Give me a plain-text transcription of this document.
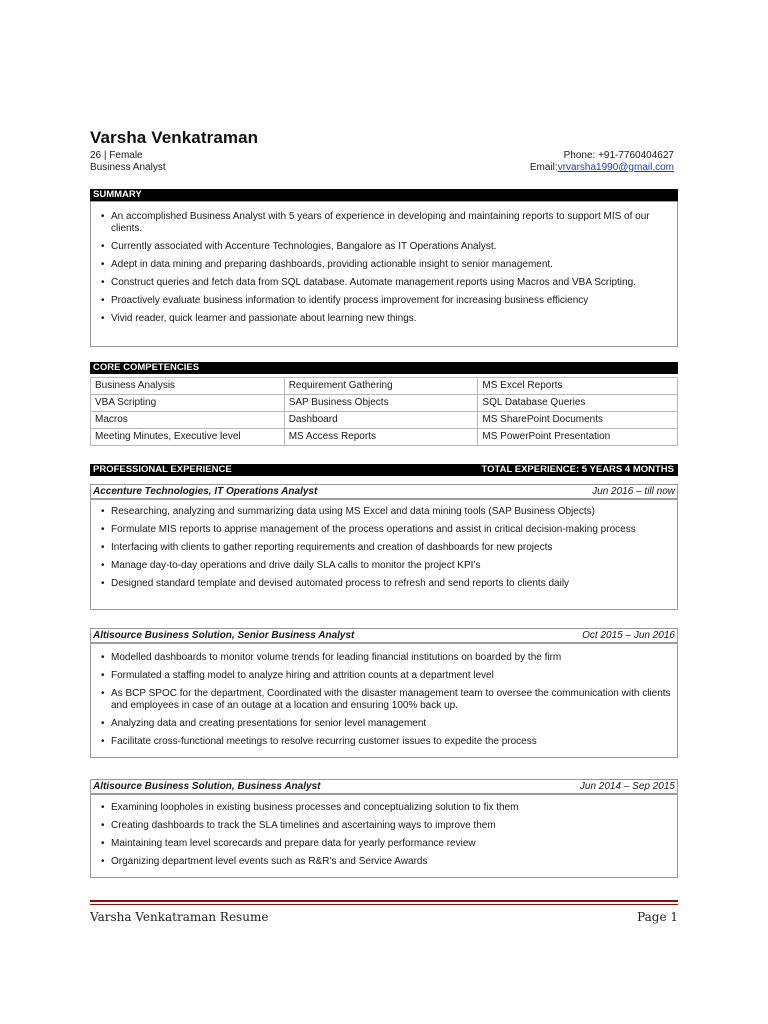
Varsha Venkatraman
26 | Female
Business Analyst
Phone: +91-7760404627
Email:vrvarsha1990@gmail.com
SUMMARY
• An accomplished Business Analyst with 5 years of experience in developing and maintaining reports to support MIS of our clients.
• Currently associated with Accenture Technologies, Bangalore as IT Operations Analyst.
• Adept in data mining and preparing dashboards, providing actionable insight to senior management.
• Construct queries and fetch data from SQL database. Automate management reports using Macros and VBA Scripting.
• Proactively evaluate business information to identify process improvement for increasing business efficiency
• Vivid reader, quick learner and passionate about learning new things.
CORE COMPETENCIES
Business Analysis	Requirement Gathering	MS Excel Reports
VBA Scripting	SAP Business Objects	SQL Database Queries
Macros	Dashboard	MS SharePoint Documents
Meeting Minutes, Executive level	MS Access Reports	MS PowerPoint Presentation
PROFESSIONAL EXPERIENCE	TOTAL EXPERIENCE: 5 YEARS 4 MONTHS
Accenture Technologies, IT Operations Analyst	Jun 2016 – till now
• Researching, analyzing and summarizing data using MS Excel and data mining tools (SAP Business Objects)
• Formulate MIS reports to apprise management of the process operations and assist in critical decision-making process
• Interfacing with clients to gather reporting requirements and creation of dashboards for new projects
• Manage day-to-day operations and drive daily SLA calls to monitor the project KPI’s
• Designed standard template and devised automated process to refresh and send reports to clients daily
Altisource Business Solution, Senior Business Analyst	Oct 2015 – Jun 2016
• Modelled dashboards to monitor volume trends for leading financial institutions on boarded by the firm
• Formulated a staffing model to analyze hiring and attrition counts at a department level
• As BCP SPOC for the department, Coordinated with the disaster management team to oversee the communication with clients and employees in case of an outage at a location and ensuring 100% back up.
• Analyzing data and creating presentations for senior level management
• Facilitate cross-functional meetings to resolve recurring customer issues to expedite the process
Altisource Business Solution, Business Analyst	Jun 2014 – Sep 2015
• Examining loopholes in existing business processes and conceptualizing solution to fix them
• Creating dashboards to track the SLA timelines and ascertaining ways to improve them
• Maintaining team level scorecards and prepare data for yearly performance review
• Organizing department level events such as R&R’s and Service Awards
Varsha Venkatraman Resume	Page 1
